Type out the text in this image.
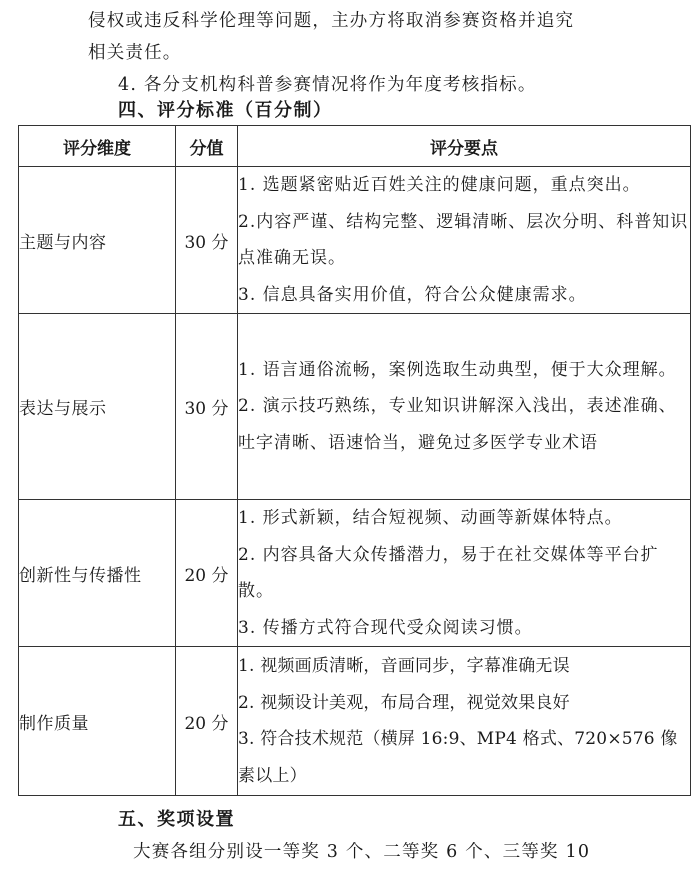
侵权或违反科学伦理等问题，主办方将取消参赛资格并追究
相关责任。
4. 各分支机构科普参赛情况将作为年度考核指标。
四、评分标准（百分制）
评分维度	分值	评分要点
主题与内容	30 分	1. 选题紧密贴近百姓关注的健康问题，重点突出。
2.内容严谨、结构完整、逻辑清晰、层次分明、科普知识点准确无误。
3. 信息具备实用价值，符合公众健康需求。

表达与展示	30 分	1. 语言通俗流畅，案例选取生动典型，便于大众理解。
2. 演示技巧熟练，专业知识讲解深入浅出，表述准确、吐字清晰、语速恰当，避免过多医学专业术语

创新性与传播性	20 分	1. 形式新颖，结合短视频、动画等新媒体特点。
2. 内容具备大众传播潜力，易于在社交媒体等平台扩散。
3. 传播方式符合现代受众阅读习惯。

制作质量	20 分	1. 视频画质清晰，音画同步，字幕准确无误
2. 视频设计美观，布局合理，视觉效果良好
3. 符合技术规范（横屏 16:9、MP4 格式、720×576 像素以上）
五、奖项设置
大赛各组分别设一等奖 3 个、二等奖 6 个、三等奖 10
